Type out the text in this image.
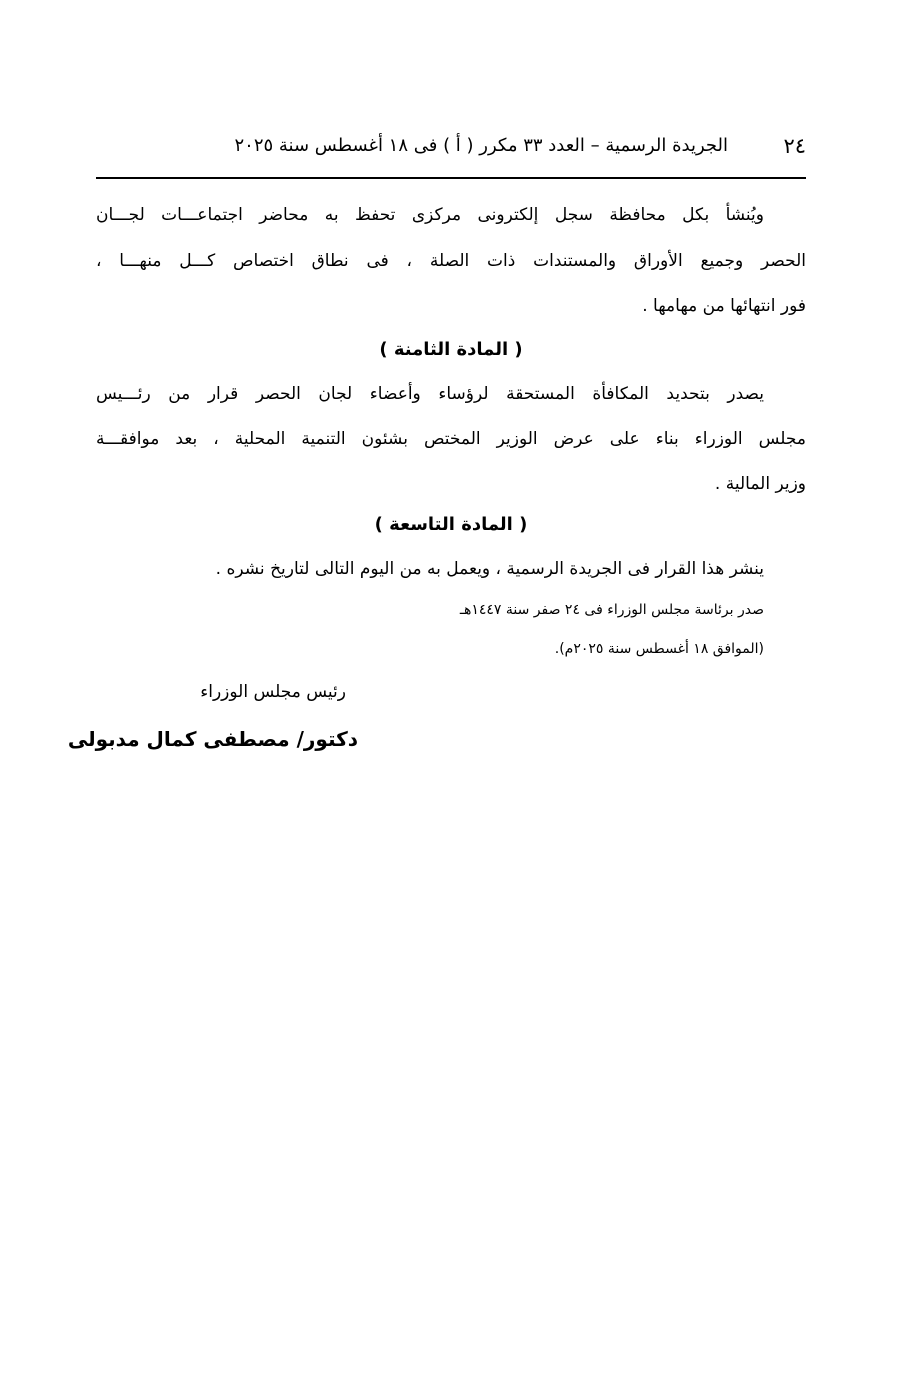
٢٤
الجريدة الرسمية – العدد ٣٣ مكرر ( أ ) فى ١٨ أغسطس سنة ٢٠٢٥
ويُنشأ بكل محافظة سجل إلكترونى مركزى تحفظ به محاضر اجتماعـــات لجـــان
الحصر وجميع الأوراق والمستندات ذات الصلة ، فى نطاق اختصاص كـــل منهـــا ،
فور انتهائها من مهامها .
( المادة الثامنة )
يصدر بتحديد المكافأة المستحقة لرؤساء وأعضاء لجان الحصر قرار من رئـــيس
مجلس الوزراء بناء على عرض الوزير المختص بشئون التنمية المحلية ، بعد موافقـــة
وزير المالية .
( المادة التاسعة )
ينشر هذا القرار فى الجريدة الرسمية ، ويعمل به من اليوم التالى لتاريخ نشره .
صدر برئاسة مجلس الوزراء فى ٢٤ صفر سنة ١٤٤٧هـ
(الموافق ١٨ أغسطس سنة ٢٠٢٥م).
رئيس مجلس الوزراء
دكتور/ مصطفى كمال مدبولى
